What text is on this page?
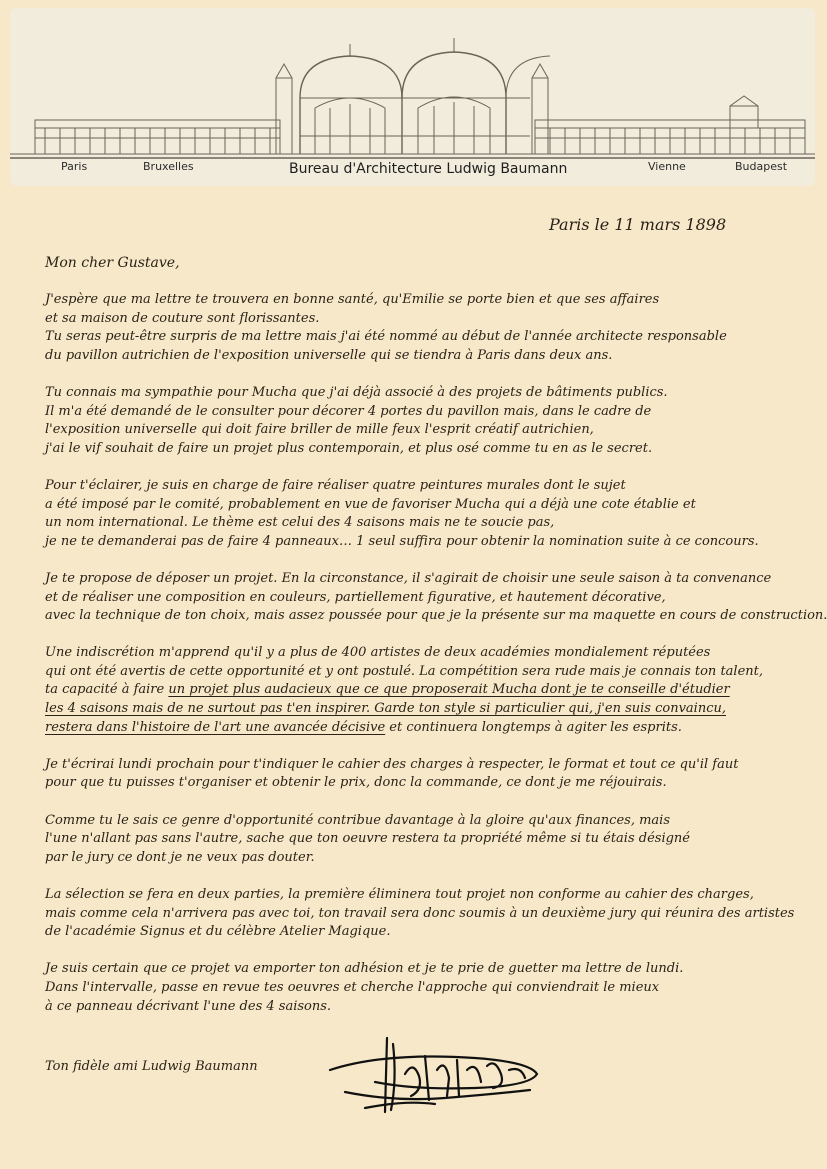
Paris	Bruxelles	Vienne	Budapest
Bureau d'Architecture Ludwig Baumann
Paris le 11 mars 1898
Mon cher Gustave,
J'espère que ma lettre te trouvera en bonne santé, qu'Emilie se porte bien et que ses affaires
et sa maison de couture sont florissantes.
Tu seras peut-être surpris de ma lettre mais j'ai été nommé au début de l'année architecte responsable
du pavillon autrichien de l'exposition universelle qui se tiendra à Paris dans deux ans.
Tu connais ma sympathie pour Mucha que j'ai déjà associé à des projets de bâtiments publics.
Il m'a été demandé de le consulter pour décorer 4 portes du pavillon mais, dans le cadre de
l'exposition universelle qui doit faire briller de mille feux l'esprit créatif autrichien,
j'ai le vif souhait de faire un projet plus contemporain, et plus osé comme tu en as le secret.
Pour t'éclairer, je suis en charge de faire réaliser quatre peintures murales dont le sujet
a été imposé par le comité, probablement en vue de favoriser Mucha qui a déjà une cote établie et
un nom international. Le thème est celui des 4 saisons mais ne te soucie pas,
je ne te demanderai pas de faire 4 panneaux… 1 seul suffira pour obtenir la nomination suite à ce concours.
Je te propose de déposer un projet. En la circonstance, il s'agirait de choisir une seule saison à ta convenance
et de réaliser une composition en couleurs, partiellement figurative, et hautement décorative,
avec la technique de ton choix, mais assez poussée pour que je la présente sur ma maquette en cours de construction.
Une indiscrétion m'apprend qu'il y a plus de 400 artistes de deux académies mondialement réputées
qui ont été avertis de cette opportunité et y ont postulé. La compétition sera rude mais je connais ton talent,
ta capacité à faire un projet plus audacieux que ce que proposerait Mucha dont je te conseille d'étudier
les 4 saisons mais de ne surtout pas t'en inspirer. Garde ton style si particulier qui, j'en suis convaincu,
restera dans l'histoire de l'art une avancée décisive et continuera longtemps à agiter les esprits.
Je t'écrirai lundi prochain pour t'indiquer le cahier des charges à respecter, le format et tout ce qu'il faut
pour que tu puisses t'organiser et obtenir le prix, donc la commande, ce dont je me réjouirais.
Comme tu le sais ce genre d'opportunité contribue davantage à la gloire qu'aux finances, mais
l'une n'allant pas sans l'autre, sache que ton oeuvre restera ta propriété même si tu étais désigné
par le jury ce dont je ne veux pas douter.
La sélection se fera en deux parties, la première éliminera tout projet non conforme au cahier des charges,
mais comme cela n'arrivera pas avec toi, ton travail sera donc soumis à un deuxième jury qui réunira des artistes
de l'académie Signus et du célèbre Atelier Magique.
Je suis certain que ce projet va emporter ton adhésion et je te prie de guetter ma lettre de lundi.
Dans l'intervalle, passe en revue tes oeuvres et cherche l'approche qui conviendrait le mieux
à ce panneau décrivant l'une des 4 saisons.
Ton fidèle ami Ludwig Baumann
